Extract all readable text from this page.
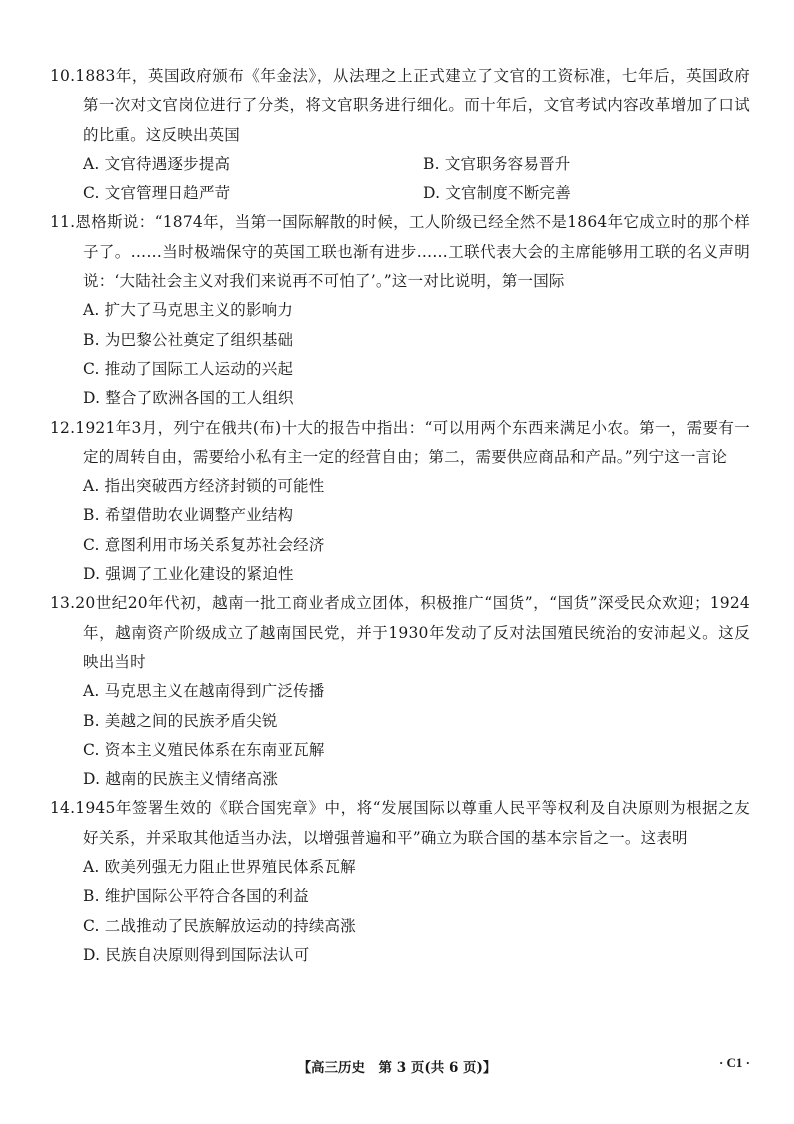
10.1883年，英国政府颁布《年金法》，从法理之上正式建立了文官的工资标准，七年后，英国政府第一次对文官岗位进行了分类，将文官职务进行细化。而十年后，文官考试内容改革增加了口试的比重。这反映出英国
A. 文官待遇逐步提高	B. 文官职务容易晋升
C. 文官管理日趋严苛	D. 文官制度不断完善
11.恩格斯说：“1874年，当第一国际解散的时候，工人阶级已经全然不是1864年它成立时的那个样子了。……当时极端保守的英国工联也渐有进步……工联代表大会的主席能够用工联的名义声明说：‘大陆社会主义对我们来说再不可怕了’。”这一对比说明，第一国际
A. 扩大了马克思主义的影响力
B. 为巴黎公社奠定了组织基础
C. 推动了国际工人运动的兴起
D. 整合了欧洲各国的工人组织
12.1921年3月，列宁在俄共(布)十大的报告中指出：“可以用两个东西来满足小农。第一，需要有一定的周转自由，需要给小私有主一定的经营自由；第二，需要供应商品和产品。”列宁这一言论
A. 指出突破西方经济封锁的可能性
B. 希望借助农业调整产业结构
C. 意图利用市场关系复苏社会经济
D. 强调了工业化建设的紧迫性
13.20世纪20年代初，越南一批工商业者成立团体，积极推广“国货”，“国货”深受民众欢迎；1924年，越南资产阶级成立了越南国民党，并于1930年发动了反对法国殖民统治的安沛起义。这反映出当时
A. 马克思主义在越南得到广泛传播
B. 美越之间的民族矛盾尖锐
C. 资本主义殖民体系在东南亚瓦解
D. 越南的民族主义情绪高涨
14.1945年签署生效的《联合国宪章》中，将“发展国际以尊重人民平等权利及自决原则为根据之友好关系，并采取其他适当办法，以增强普遍和平”确立为联合国的基本宗旨之一。这表明
A. 欧美列强无力阻止世界殖民体系瓦解
B. 维护国际公平符合各国的利益
C. 二战推动了民族解放运动的持续高涨
D. 民族自决原则得到国际法认可
【高三历史　第 3 页(共 6 页)】	· C1 ·
